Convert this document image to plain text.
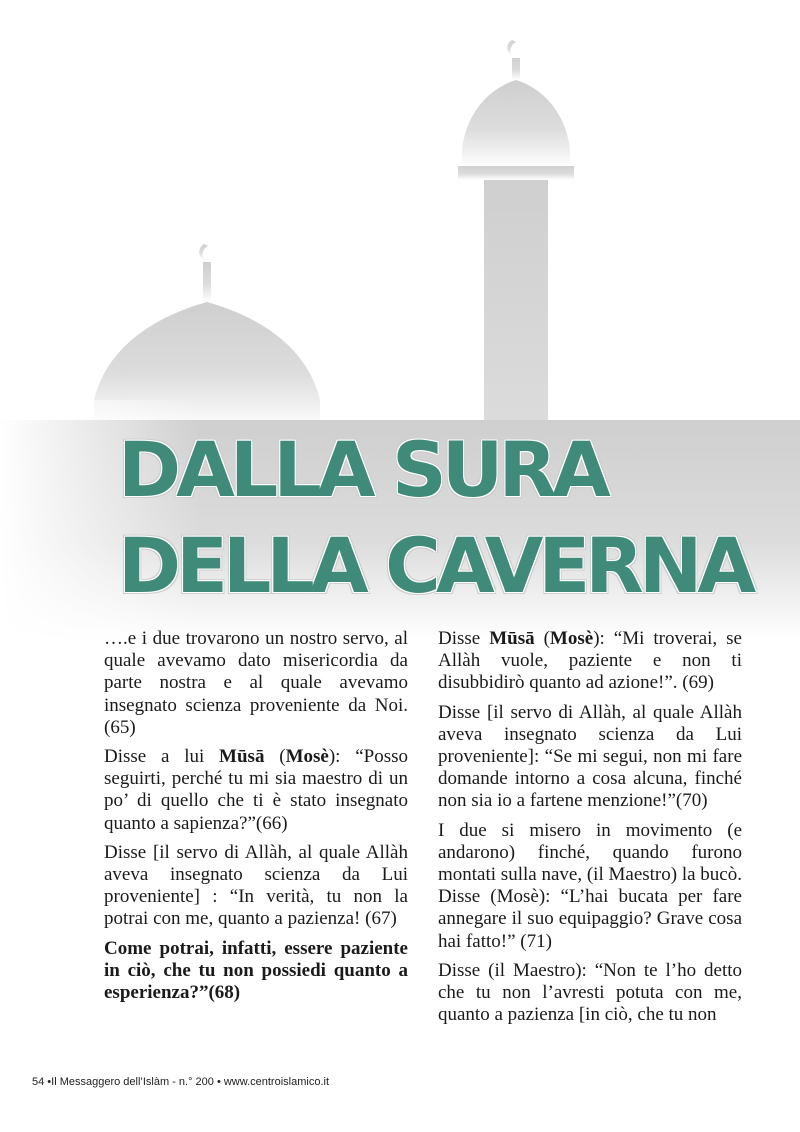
DALLA SURA
DELLA CAVERNA

….e i due trovarono un nostro servo, al quale avevamo dato misericordia da parte nostra e al quale avevamo insegnato scienza proveniente da Noi. (65)

Disse a lui Mūsā (Mosè): “Posso seguirti, perché tu mi sia maestro di un po’ di quello che ti è stato insegnato quanto a sapienza?”(66)

Disse [il servo di Allàh, al quale Allàh aveva insegnato scienza da Lui proveniente] : “In verità, tu non la potrai con me, quanto a pazienza! (67)

Come potrai, infatti, essere paziente in ciò, che tu non possiedi quanto a esperienza?”(68)

Disse Mūsā (Mosè): “Mi troverai, se Allàh vuole, paziente e non ti disubbidirò quanto ad azione!”. (69)

Disse [il servo di Allàh, al quale Allàh aveva insegnato scienza da Lui proveniente]: “Se mi segui, non mi fare domande intorno a cosa alcuna, finché non sia io a fartene menzione!”(70)

I due si misero in movimento (e andarono) finché, quando furono montati sulla nave, (il Maestro) la bucò. Disse (Mosè): “L’hai bucata per fare annegare il suo equipaggio? Grave cosa hai fatto!” (71)

Disse (il Maestro): “Non te l’ho detto che tu non l’avresti potuta con me, quanto a pazienza [in ciò, che tu non

54 •Il Messaggero dell’Islàm - n.° 200 • www.centroislamico.it
